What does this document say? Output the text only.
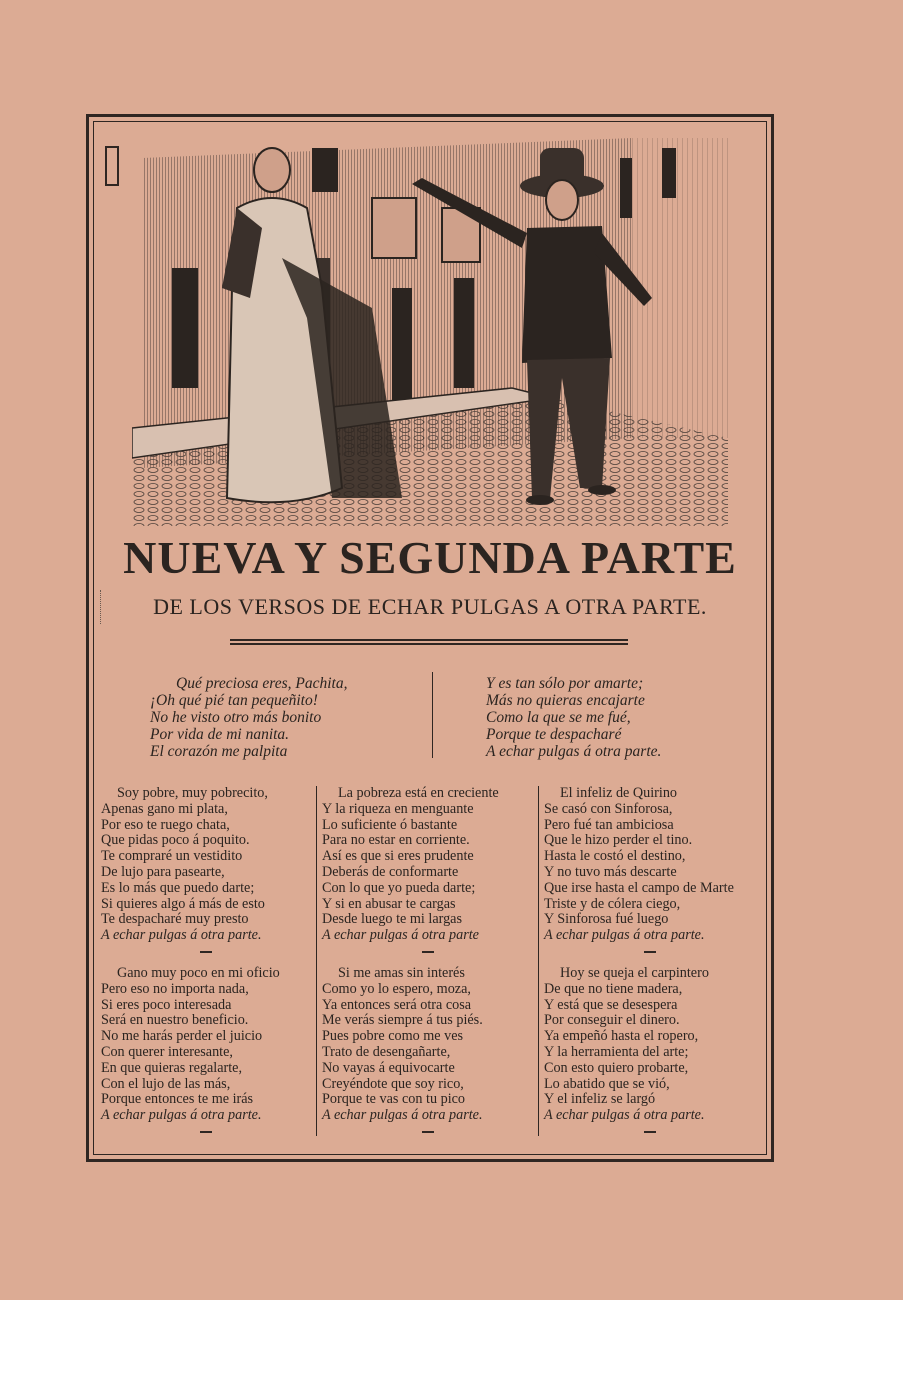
NUEVA Y SEGUNDA PARTE
DE LOS VERSOS DE ECHAR PULGAS A OTRA PARTE.

Qué preciosa eres, Pachita,

¡Oh qué pié tan pequeñito!

No he visto otro más bonito

Por vida de mi nanita.

El corazón me palpita

Y es tan sólo por amarte;

Más no quieras encajarte

Como la que se me fué,

Porque te despacharé

A echar pulgas á otra parte.

Soy pobre, muy pobrecito,

Apenas gano mi plata,

Por eso te ruego chata,

Que pidas poco á poquito.

Te compraré un vestidito

De lujo para pasearte,

Es lo más que puedo darte;

Si quieres algo á más de esto

Te despacharé muy presto

A echar pulgas á otra parte.

La pobreza está en creciente

Y la riqueza en menguante

Lo suficiente ó bastante

Para no estar en corriente.

Así es que si eres prudente

Deberás de conformarte

Con lo que yo pueda darte;

Y si en abusar te cargas

Desde luego te mi largas

A echar pulgas á otra parte

El infeliz de Quirino

Se casó con Sinforosa,

Pero fué tan ambiciosa

Que le hizo perder el tino.

Hasta le costó el destino,

Y no tuvo más descarte

Que irse hasta el campo de Marte

Triste y de cólera ciego,

Y Sinforosa fué luego

A echar pulgas á otra parte.

Gano muy poco en mi oficio

Pero eso no importa nada,

Si eres poco interesada

Será en nuestro beneficio.

No me harás perder el juicio

Con querer interesante,

En que quieras regalarte,

Con el lujo de las más,

Porque entonces te me irás

A echar pulgas á otra parte.

Si me amas sin interés

Como yo lo espero, moza,

Ya entonces será otra cosa

Me verás siempre á tus piés.

Pues pobre como me ves

Trato de desengañarte,

No vayas á equivocarte

Creyéndote que soy rico,

Porque te vas con tu pico

A echar pulgas á otra parte.

Hoy se queja el carpintero

De que no tiene madera,

Y está que se desespera

Por conseguir el dinero.

Ya empeñó hasta el ropero,

Y la herramienta del arte;

Con esto quiero probarte,

Lo abatido que se vió,

Y el infeliz se largó

A echar pulgas á otra parte.
